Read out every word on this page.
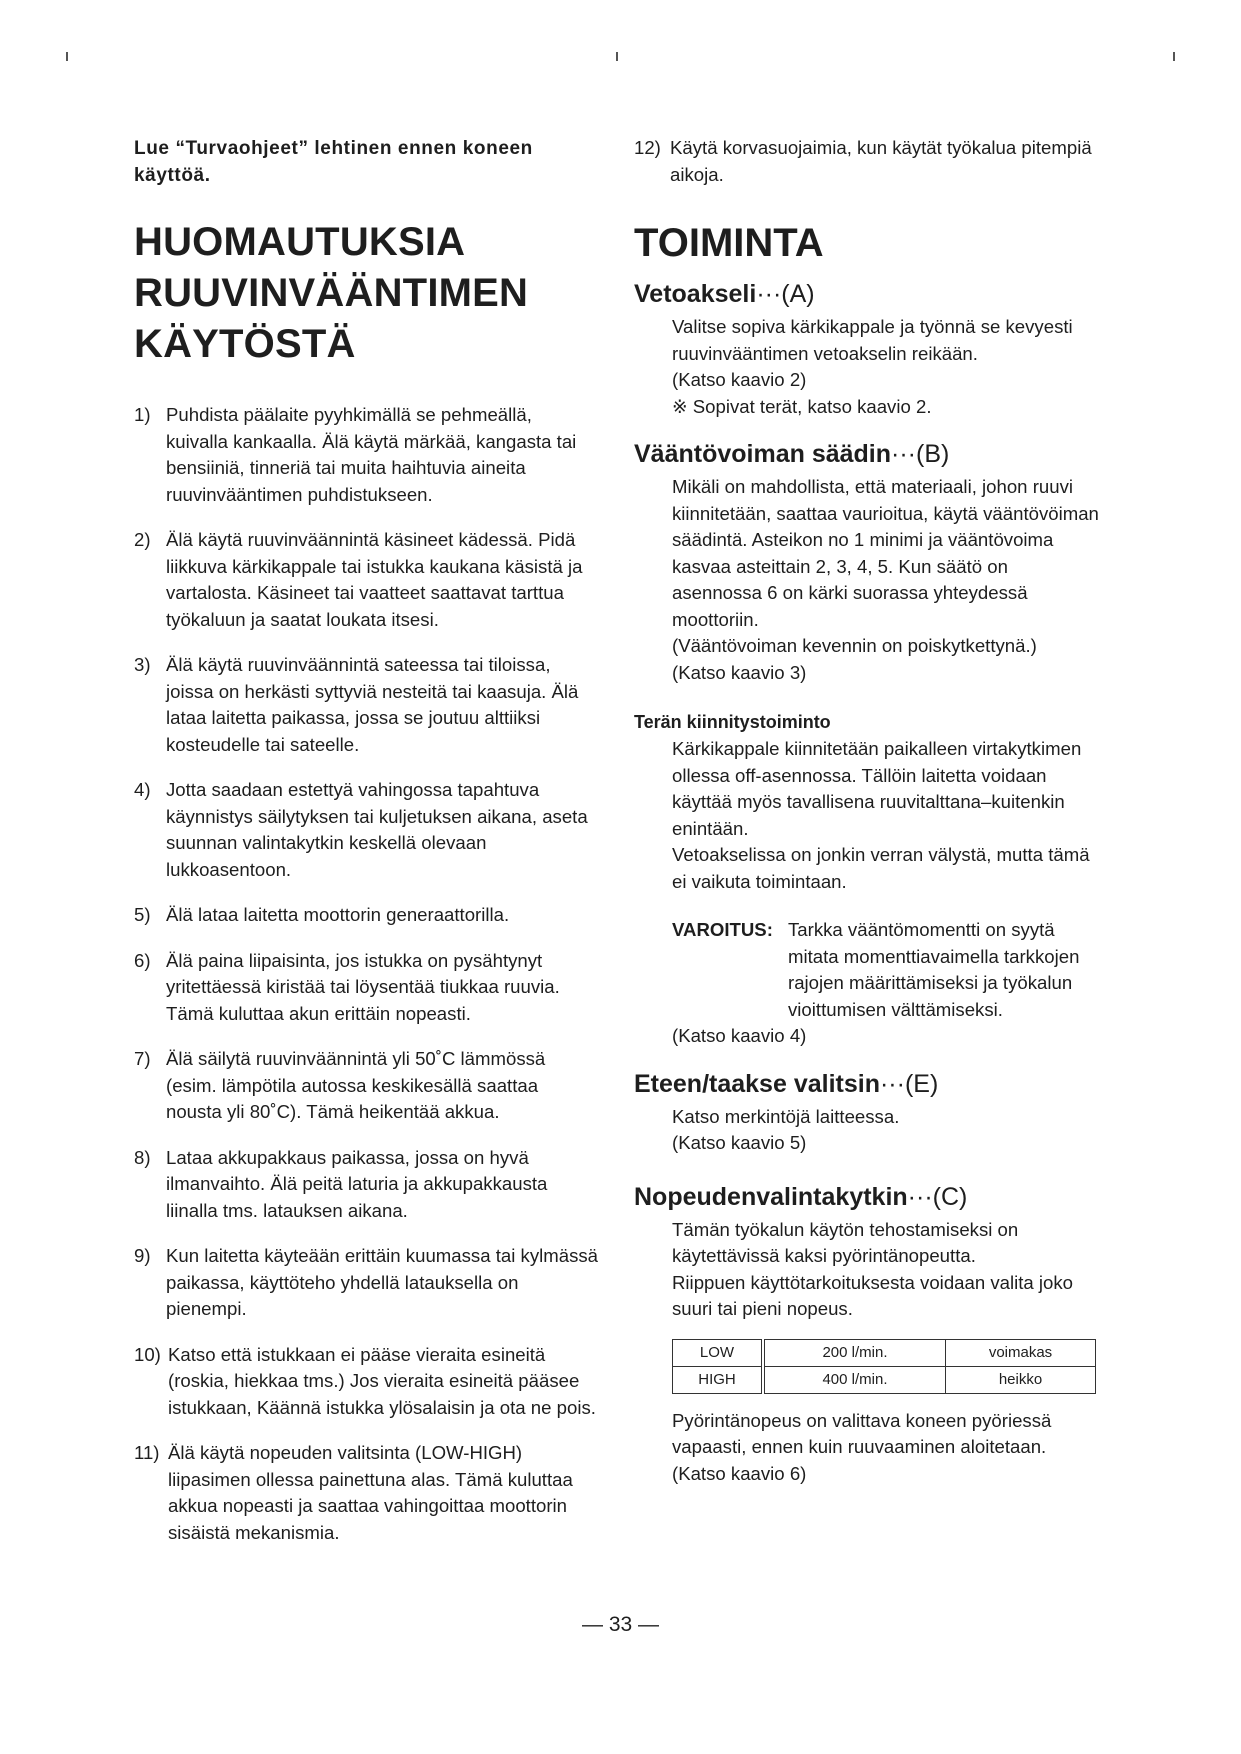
Lue “Turvaohjeet” lehtinen ennen koneen käyttöä.

HUOMAUTUKSIA
RUUVINVÄÄNTIMEN
KÄYTÖSTÄ
1) Puhdista päälaite pyyhkimällä se pehmeällä, kuivalla kankaalla. Älä käytä märkää, kangasta tai bensiiniä, tinneriä tai muita haihtuvia aineita ruuvinvääntimen puhdistukseen.
2) Älä käytä ruuvinväännintä käsineet kädessä. Pidä liikkuva kärkikappale tai istukka kaukana käsistä ja vartalosta. Käsineet tai vaatteet saattavat tarttua työkaluun ja saatat loukata itsesi.
3) Älä käytä ruuvinväännintä sateessa tai tiloissa, joissa on herkästi syttyviä nesteitä tai kaasuja. Älä lataa laitetta paikassa, jossa se joutuu alttiiksi kosteudelle tai sateelle.
4) Jotta saadaan estettyä vahingossa tapahtuva käynnistys säilytyksen tai kuljetuksen aikana, aseta suunnan valintakytkin keskellä olevaan lukkoasentoon.
5) Älä lataa laitetta moottorin generaattorilla.
6) Älä paina liipaisinta, jos istukka on pysähtynyt yritettäessä kiristää tai löysentää tiukkaa ruuvia. Tämä kuluttaa akun erittäin nopeasti.
7) Älä säilytä ruuvinväännintä yli 50˚C lämmössä (esim. lämpötila autossa keskikesällä saattaa nousta yli 80˚C). Tämä heikentää akkua.
8) Lataa akkupakkaus paikassa, jossa on hyvä ilmanvaihto. Älä peitä laturia ja akkupakkausta liinalla tms. latauksen aikana.
9) Kun laitetta käyteään erittäin kuumassa tai kylmässä paikassa, käyttöteho yhdellä latauksella on pienempi.
10) Katso että istukkaan ei pääse vieraita esineitä (roskia, hiekkaa tms.) Jos vieraita esineitä pääsee istukkaan, Käännä istukka ylösalaisin ja ota ne pois.
11) Älä käytä nopeuden valitsinta (LOW-HIGH) liipasimen ollessa painettuna alas. Tämä kuluttaa akkua nopeasti ja saattaa vahingoittaa moottorin sisäistä mekanismia.
12) Käytä korvasuojaimia, kun käytät työkalua pitempiä aikoja.
TOIMINTA
Vetoakseli···(A)

Valitse sopiva kärkikappale ja työnnä se kevyesti ruuvinvääntimen vetoakselin reikään.

(Katso kaavio 2)

※ Sopivat terät, katso kaavio 2.

Vääntövoiman säädin···(B)

Mikäli on mahdollista, että materiaali, johon ruuvi kiinnitetään, saattaa vaurioitua, käytä vääntövöiman säädintä. Asteikon no 1 minimi ja vääntövoima kasvaa asteittain 2, 3, 4, 5. Kun säätö on asennossa 6 on kärki suorassa yhteydessä moottoriin.

(Vääntövoiman kevennin on poiskytkettynä.)

(Katso kaavio 3)

Terän kiinnitystoiminto

Kärkikappale kiinnitetään paikalleen virtakytkimen ollessa off-asennossa. Tällöin laitetta voidaan käyttää myös tavallisena ruuvitalttana–kuitenkin enintään.

Vetoakselissa on jonkin verran välystä, mutta tämä ei vaikuta toimintaan.

VAROITUS: Tarkka vääntömomentti on syytä mitata momenttiavaimella tarkkojen rajojen määrittämiseksi ja työkalun vioittumisen välttämiseksi.

(Katso kaavio 4)

Eteen/taakse valitsin···(E)

Katso merkintöjä laitteessa.

(Katso kaavio 5)

Nopeudenvalintakytkin···(C)

Tämän työkalun käytön tehostamiseksi on käytettävissä kaksi pyörintänopeutta.

Riippuen käyttötarkoituksesta voidaan valita joko suuri tai pieni nopeus.

LOW	200 l/min.	voimakas
HIGH	400 l/min.	heikko

Pyörintänopeus on valittava koneen pyöriessä vapaasti, ennen kuin ruuvaaminen aloitetaan.

(Katso kaavio 6)

— 33 —
